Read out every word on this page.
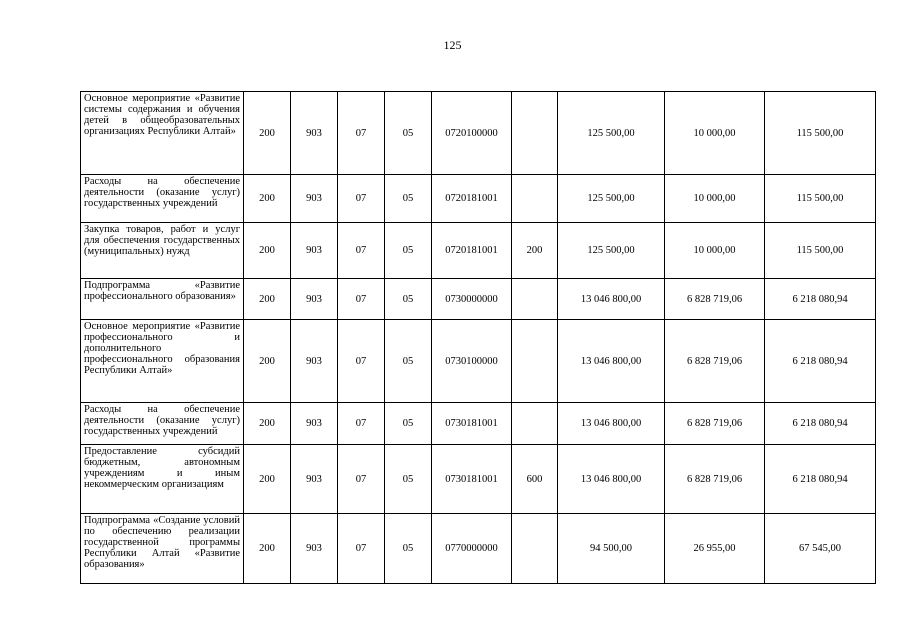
125
Основное мероприятие «Развитие системы содержания и обучения детей в общеобразовательных организациях Республики Алтай»	200	903	07	05	0720100000		125 500,00	10 000,00	115 500,00

Расходы на обеспечение деятельности (оказание услуг) государственных учреждений	200	903	07	05	0720181001		125 500,00	10 000,00	115 500,00

Закупка товаров, работ и услуг для обеспечения государственных (муниципальных) нужд	200	903	07	05	0720181001	200	125 500,00	10 000,00	115 500,00

Подпрограмма «Развитие профессионального образования»	200	903	07	05	0730000000		13 046 800,00	6 828 719,06	6 218 080,94

Основное мероприятие «Развитие профессионального и дополнительного профессионального образования Республики Алтай»	200	903	07	05	0730100000		13 046 800,00	6 828 719,06	6 218 080,94

Расходы на обеспечение деятельности (оказание услуг) государственных учреждений	200	903	07	05	0730181001		13 046 800,00	6 828 719,06	6 218 080,94

Предоставление субсидий бюджетным, автономным учреждениям и иным некоммерческим организациям	200	903	07	05	0730181001	600	13 046 800,00	6 828 719,06	6 218 080,94

Подпрограмма «Создание условий по обеспечению реализации государственной программы Республики Алтай «Развитие образования»	200	903	07	05	0770000000		94 500,00	26 955,00	67 545,00
